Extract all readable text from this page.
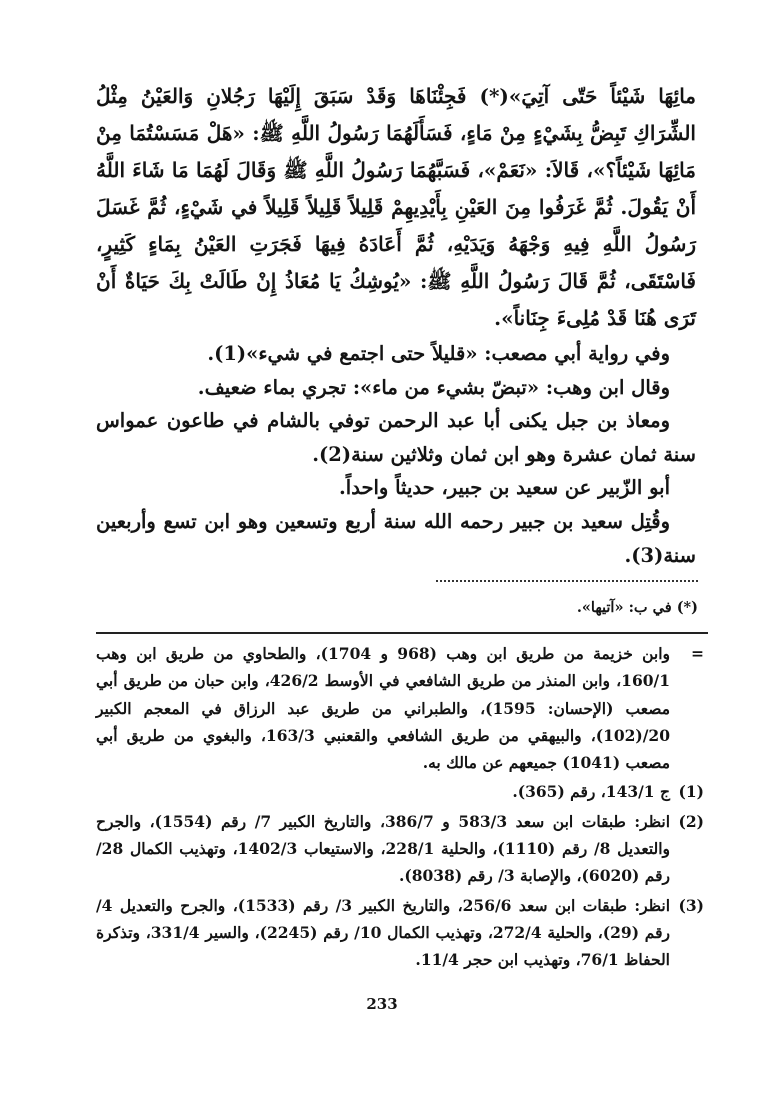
مائِهَا شَيْئاً حَتّى آتِيَ»(*) فَجِئْنَاهَا وَقَدْ سَبَقَ إِلَيْهَا رَجُلانِ وَالعَيْنُ مِثْلُ الشِّرَاكِ تَبِضُّ بِشَيْءٍ مِنْ مَاءٍ، فَسَأَلَهُمَا رَسُولُ اللَّهِ ﷺ: «هَلْ مَسَسْتُمَا مِنْ مَائِهَا شَيْئاً؟»، قَالاَ: «نَعَمْ»، فَسَبَّهُمَا رَسُولُ اللَّهِ ﷺ وَقَالَ لَهُمَا مَا شَاءَ اللَّهُ أَنْ يَقُولَ. ثُمَّ غَرَفُوا مِنَ العَيْنِ بِأَيْدِيهِمْ قَلِيلاً قَلِيلاً قَلِيلاً في شَيْءٍ، ثُمَّ غَسَلَ رَسُولُ اللَّهِ فِيهِ وَجْهَهُ وَيَدَيْهِ، ثُمَّ أَعَادَهُ فِيهَا فَجَرَتِ العَيْنُ بِمَاءٍ كَثِيرٍ، فَاسْتَقَى، ثُمَّ قَالَ رَسُولُ اللَّهِ ﷺ: «يُوشِكُ يَا مُعَاذُ إِنْ طَالَتْ بِكَ حَيَاةٌ أَنْ تَرَى هُنَا قَدْ مُلِىءَ جِنَاناً».

وفي رواية أبي مصعب: «قليلاً حتى اجتمع في شيء»(1).

وقال ابن وهب: «تبضّ بشيء من ماء»: تجري بماء ضعيف.

ومعاذ بن جبل يكنى أبا عبد الرحمن توفي بالشام في طاعون عمواس سنة ثمان عشرة وهو ابن ثمان وثلاثين سنة(2).

أبو الزّبير عن سعيد بن جبير، حديثاً واحداً.

وقُتِل سعيد بن جبير رحمه الله سنة أربع وتسعين وهو ابن تسع وأربعين سنة(3).

(*) في ب: «آتيها».
=
وابن خزيمة من طريق ابن وهب (968 و 1704)، والطحاوي من طريق ابن وهب 160/1، وابن المنذر من طريق الشافعي في الأوسط 426/2، وابن حبان من طريق أبي مصعب (الإحسان: 1595)، والطبراني من طريق عبد الرزاق في المعجم الكبير 20/(102)، والبيهقي من طريق الشافعي والقعنبي 163/3، والبغوي من طريق أبي مصعب (1041) جميعهم عن مالك به.
(1)
ج 143/1، رقم (365).
(2)
انظر: طبقات ابن سعد 583/3 و 386/7، والتاريخ الكبير 7/ رقم (1554)، والجرح والتعديل 8/ رقم (1110)، والحلية 228/1، والاستيعاب 1402/3، وتهذيب الكمال 28/ رقم (6020)، والإصابة 3/ رقم (8038).
(3)
انظر: طبقات ابن سعد 256/6، والتاريخ الكبير 3/ رقم (1533)، والجرح والتعديل 4/ رقم (29)، والحلية 272/4، وتهذيب الكمال 10/ رقم (2245)، والسير 331/4، وتذكرة الحفاظ 76/1، وتهذيب ابن حجر 11/4.
233
